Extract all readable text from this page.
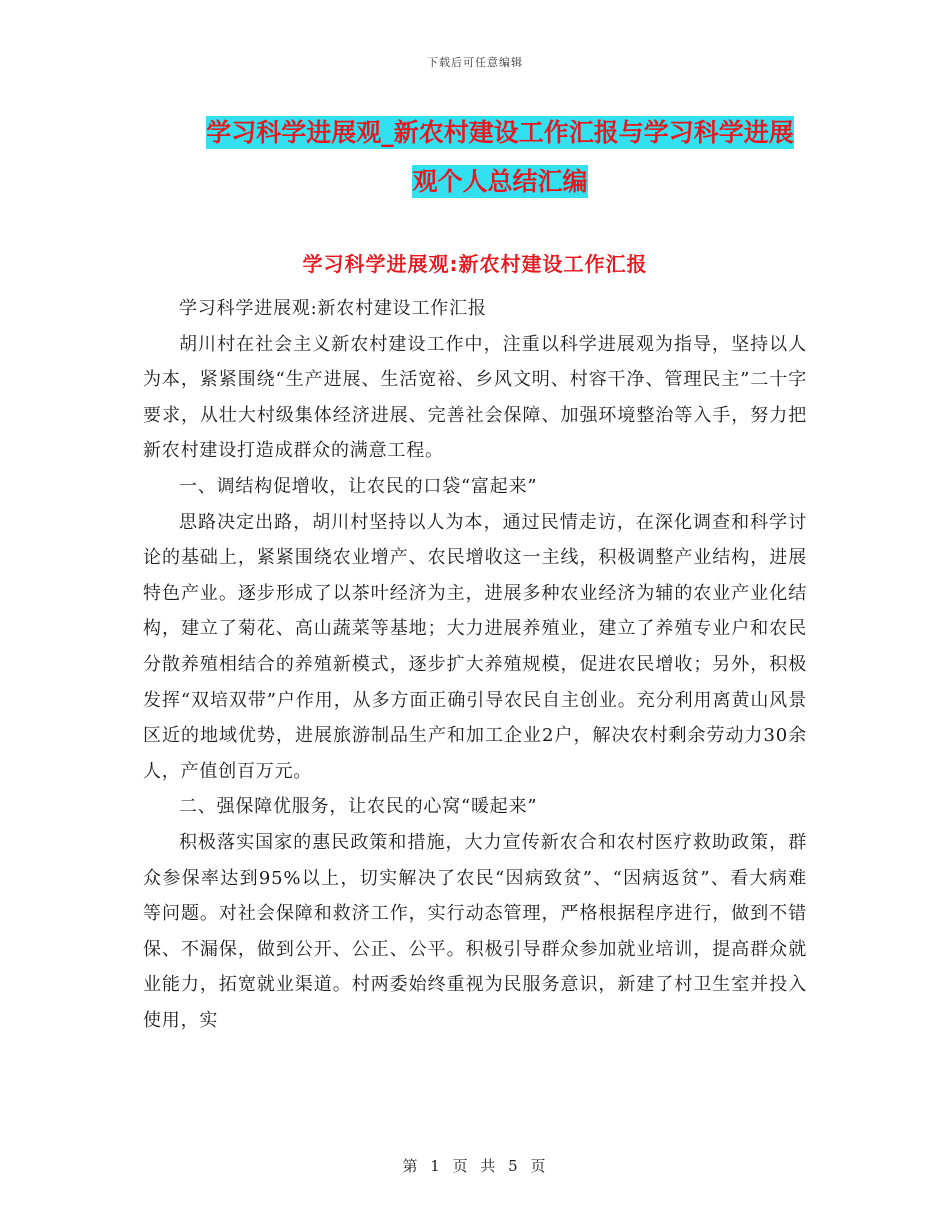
下载后可任意编辑
学习科学进展观_新农村建设工作汇报与学习科学进展
观个人总结汇编
学习科学进展观:新农村建设工作汇报

学习科学进展观:新农村建设工作汇报

胡川村在社会主义新农村建设工作中，注重以科学进展观为指导，坚持以人为本，紧紧围绕“生产进展、生活宽裕、乡风文明、村容干净、管理民主”二十字要求，从壮大村级集体经济进展、完善社会保障、加强环境整治等入手，努力把新农村建设打造成群众的满意工程。

一、调结构促增收，让农民的口袋“富起来”

思路决定出路，胡川村坚持以人为本，通过民情走访，在深化调查和科学讨论的基础上，紧紧围绕农业增产、农民增收这一主线，积极调整产业结构，进展特色产业。逐步形成了以茶叶经济为主，进展多种农业经济为辅的农业产业化结构，建立了菊花、高山蔬菜等基地；大力进展养殖业，建立了养殖专业户和农民分散养殖相结合的养殖新模式，逐步扩大养殖规模，促进农民增收；另外，积极发挥“双培双带”户作用，从多方面正确引导农民自主创业。充分利用离黄山风景区近的地域优势，进展旅游制品生产和加工企业2户，解决农村剩余劳动力30余人，产值创百万元。

二、强保障优服务，让农民的心窝“暖起来”

积极落实国家的惠民政策和措施，大力宣传新农合和农村医疗救助政策，群众参保率达到95%以上，切实解决了农民“因病致贫”、“因病返贫”、看大病难等问题。对社会保障和救济工作，实行动态管理，严格根据程序进行，做到不错保、不漏保，做到公开、公正、公平。积极引导群众参加就业培训，提高群众就业能力，拓宽就业渠道。村两委始终重视为民服务意识，新建了村卫生室并投入使用，实

第 1 页 共 5 页
